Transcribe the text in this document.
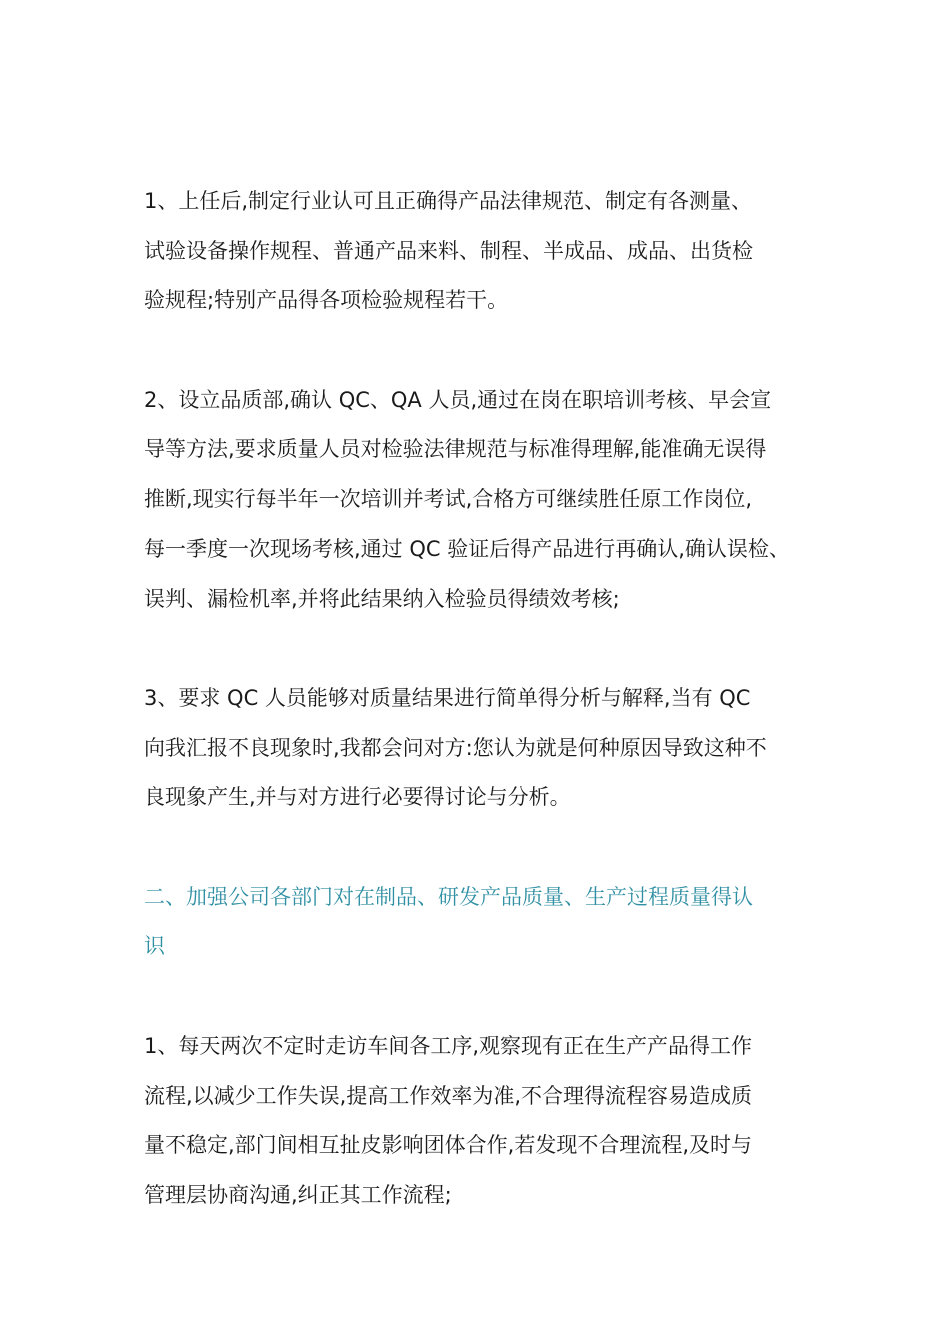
1、上任后,制定行业认可且正确得产品法律规范、制定有各测量、
试验设备操作规程、普通产品来料、制程、半成品、成品、出货检
验规程;特别产品得各项检验规程若干。
2、设立品质部,确认 QC、QA 人员,通过在岗在职培训考核、早会宣
导等方法,要求质量人员对检验法律规范与标准得理解,能准确无误得
推断,现实行每半年一次培训并考试,合格方可继续胜任原工作岗位,
每一季度一次现场考核,通过 QC 验证后得产品进行再确认,确认误检、
误判、漏检机率,并将此结果纳入检验员得绩效考核;
3、要求 QC 人员能够对质量结果进行简单得分析与解释,当有 QC
向我汇报不良现象时,我都会问对方:您认为就是何种原因导致这种不
良现象产生,并与对方进行必要得讨论与分析。
二、加强公司各部门对在制品、研发产品质量、生产过程质量得认
识
1、每天两次不定时走访车间各工序,观察现有正在生产产品得工作
流程,以减少工作失误,提高工作效率为准,不合理得流程容易造成质
量不稳定,部门间相互扯皮影响团体合作,若发现不合理流程,及时与
管理层协商沟通,纠正其工作流程;
